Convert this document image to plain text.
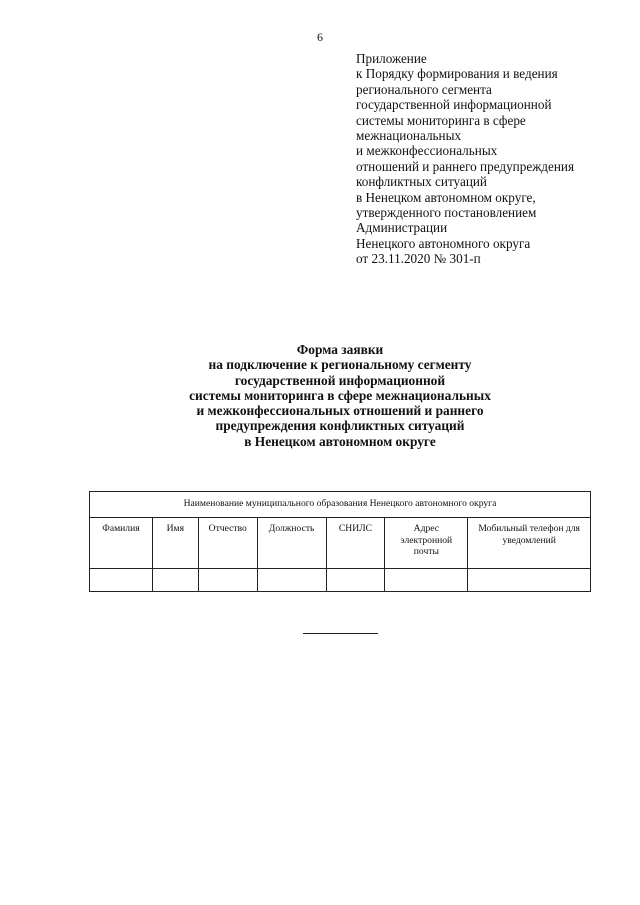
6
Приложение
к Порядку формирования и ведения
регионального сегмента
государственной информационной
системы мониторинга в сфере
межнациональных
и межконфессиональных
отношений и раннего предупреждения
конфликтных ситуаций
в Ненецком автономном округе,
утвержденного постановлением
Администрации
Ненецкого автономного округа
от 23.11.2020 № 301-п
Форма заявки
на подключение к региональному сегменту
государственной информационной
системы мониторинга в сфере межнациональных
и межконфессиональных отношений и раннего
предупреждения конфликтных ситуаций
в Ненецком автономном округе
Наименование муниципального образования Ненецкого автономного округа						
Фамилия	Имя	Отчество	Должность	СНИЛС	Адрес электронной почты	Мобильный телефон для уведомлений
